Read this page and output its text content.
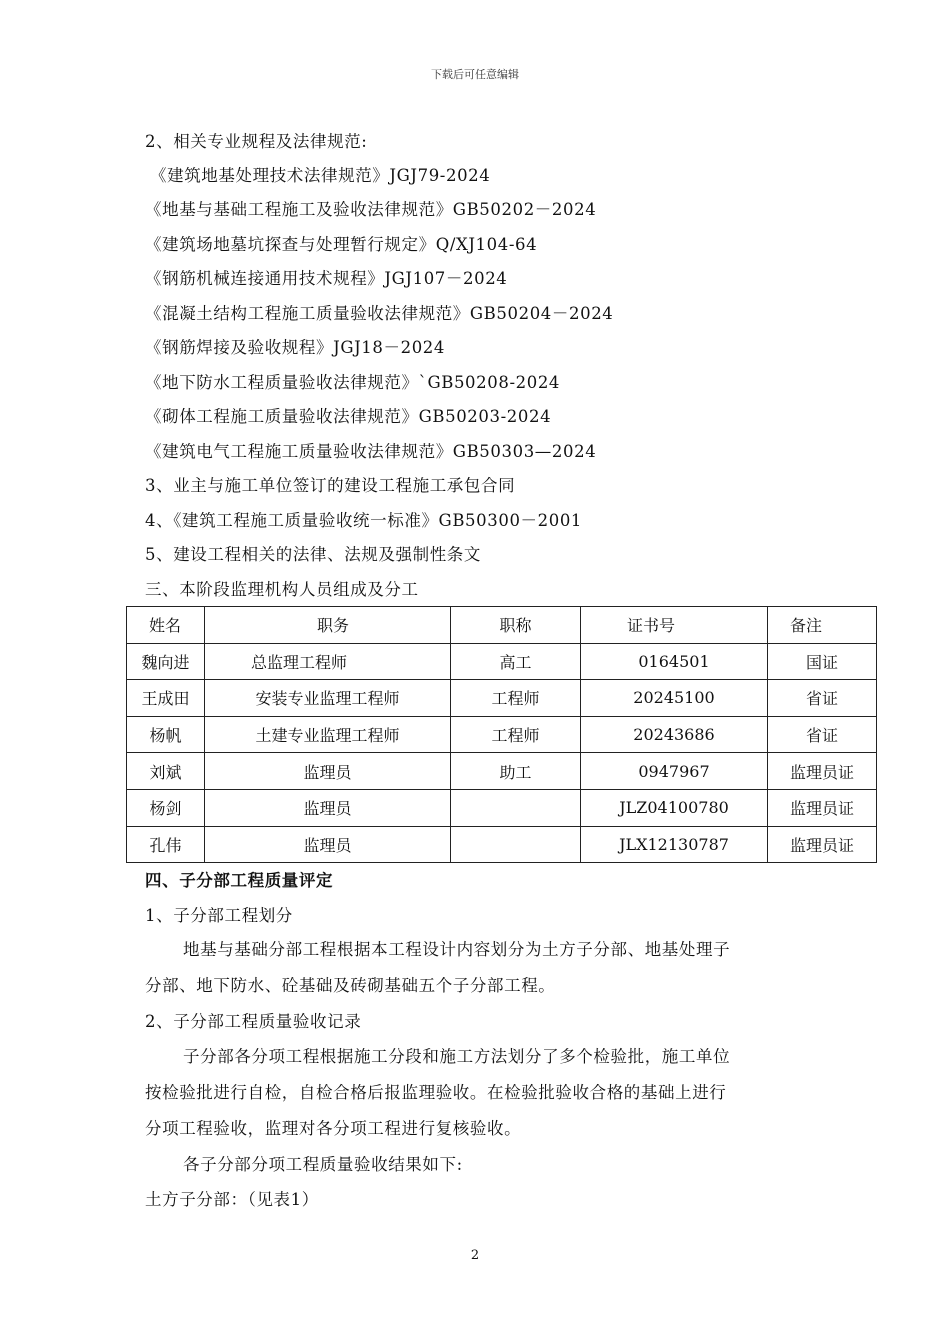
下载后可任意编辑
2、相关专业规程及法律规范:
《建筑地基处理技术法律规范》JGJ79-2024
《地基与基础工程施工及验收法律规范》GB50202－2024
《建筑场地墓坑探查与处理暂行规定》Q/XJ104-64
《钢筋机械连接通用技术规程》JGJ107－2024
《混凝土结构工程施工质量验收法律规范》GB50204－2024
《钢筋焊接及验收规程》JGJ18－2024
《地下防水工程质量验收法律规范》`GB50208-2024
《砌体工程施工质量验收法律规范》GB50203-2024
《建筑电气工程施工质量验收法律规范》GB50303—2024
3、业主与施工单位签订的建设工程施工承包合同
4、《建筑工程施工质量验收统一标准》GB50300－2001
5、建设工程相关的法律、法规及强制性条文
三、本阶段监理机构人员组成及分工
姓名	职务	职称	证书号	备注
魏向进	总监理工程师	高工	0164501	国证
王成田	安装专业监理工程师	工程师	20245100	省证
杨帆	土建专业监理工程师	工程师	20243686	省证
刘斌	监理员	助工	0947967	监理员证
杨剑	监理员		JLZ04100780	监理员证
孔伟	监理员		JLX12130787	监理员证
四、子分部工程质量评定
1、子分部工程划分
地基与基础分部工程根据本工程设计内容划分为土方子分部、地基处理子
分部、地下防水、砼基础及砖砌基础五个子分部工程。
2、子分部工程质量验收记录
子分部各分项工程根据施工分段和施工方法划分了多个检验批，施工单位
按检验批进行自检，自检合格后报监理验收。在检验批验收合格的基础上进行
分项工程验收，监理对各分项工程进行复核验收。
各子分部分项工程质量验收结果如下:
土方子分部：（见表1）
2
